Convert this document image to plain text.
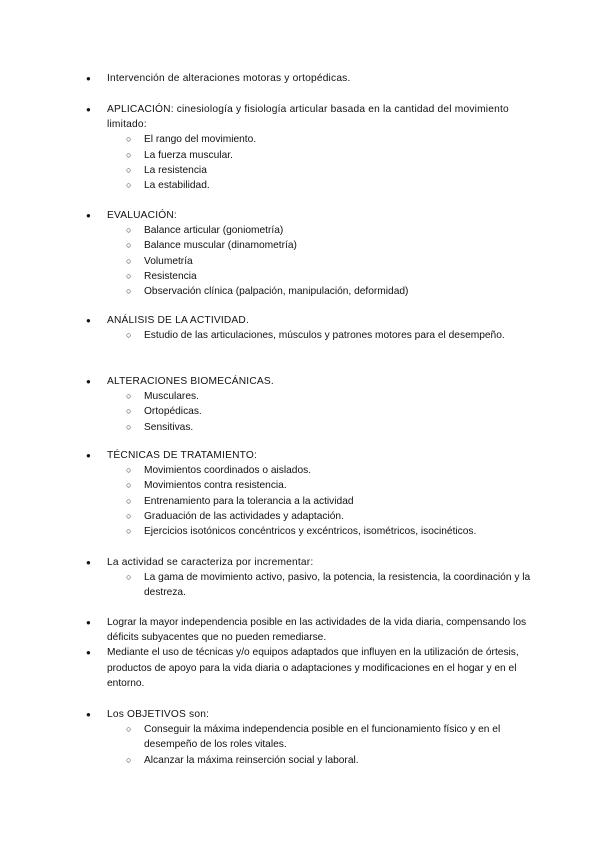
● Intervención de alteraciones motoras y ortopédicas.
● APLICACIÓN: cinesiología y fisiología articular basada en la cantidad del movimiento limitado:
○ El rango del movimiento.
○ La fuerza muscular.
○ La resistencia
○ La estabilidad.
● EVALUACIÓN:
○ Balance articular (goniometría)
○ Balance muscular (dinamometría)
○ Volumetría
○ Resistencia
○ Observación clínica (palpación, manipulación, deformidad)
● ANÁLISIS DE LA ACTIVIDAD.
○ Estudio de las articulaciones, músculos y patrones motores para el desempeño.
● ALTERACIONES BIOMECÁNICAS.
○ Musculares.
○ Ortopédicas.
○ Sensitivas.
● TÉCNICAS DE TRATAMIENTO:
○ Movimientos coordinados o aislados.
○ Movimientos contra resistencia.
○ Entrenamiento para la tolerancia a la actividad
○ Graduación de las actividades y adaptación.
○ Ejercicios isotónicos concéntricos y excéntricos, isométricos, isocinéticos.
● La actividad se caracteriza por incrementar:
○ La gama de movimiento activo, pasivo, la potencia, la resistencia, la coordinación y la destreza.
● Lograr la mayor independencia posible en las actividades de la vida diaria, compensando los déficits subyacentes que no pueden remediarse.
● Mediante el uso de técnicas y/o equipos adaptados que influyen en la utilización de órtesis, productos de apoyo para la vida diaria o adaptaciones y modificaciones en el hogar y en el entorno.
● Los OBJETIVOS son:
○ Conseguir la máxima independencia posible en el funcionamiento físico y en el desempeño de los roles vitales.
○ Alcanzar la máxima reinserción social y laboral.
